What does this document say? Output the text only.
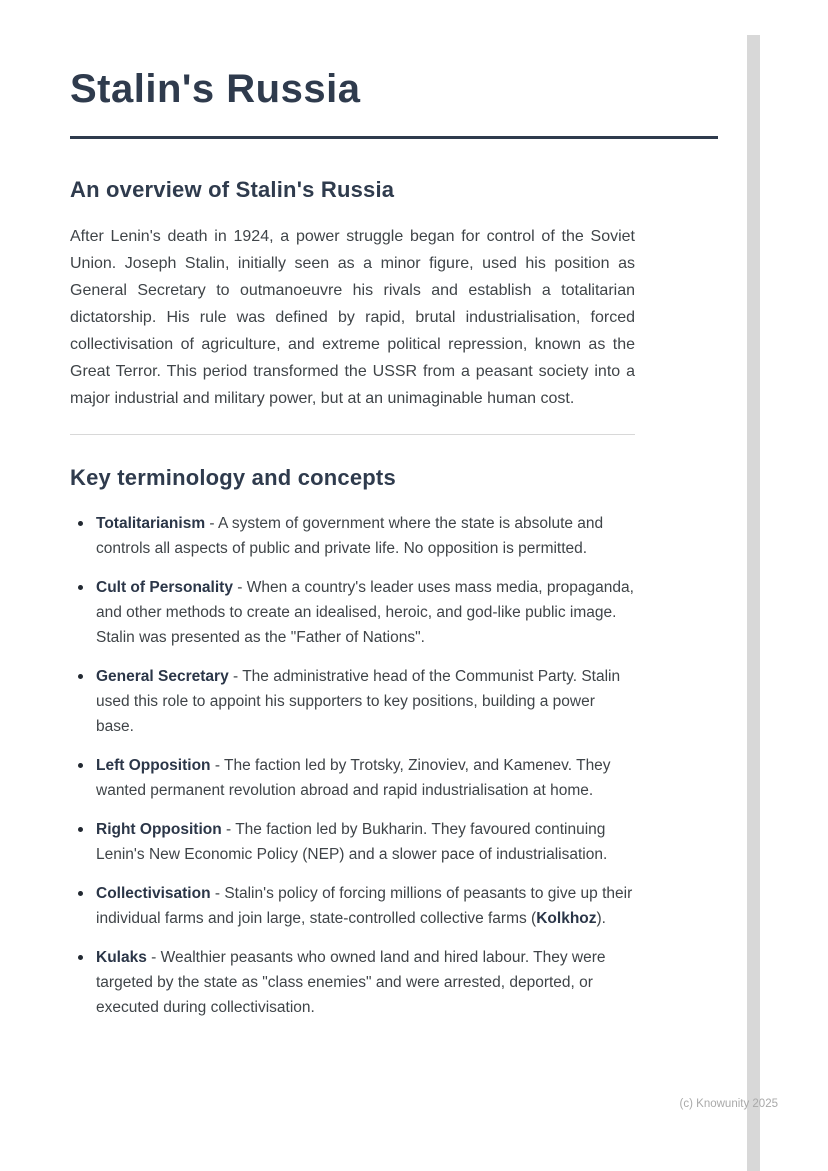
Stalin's Russia
An overview of Stalin's Russia

After Lenin's death in 1924, a power struggle began for control of the Soviet Union. Joseph Stalin, initially seen as a minor figure, used his position as General Secretary to outmanoeuvre his rivals and establish a totalitarian dictatorship. His rule was defined by rapid, brutal industrialisation, forced collectivisation of agriculture, and extreme political repression, known as the Great Terror. This period transformed the USSR from a peasant society into a major industrial and military power, but at an unimaginable human cost.

Key terminology and concepts
Totalitarianism - A system of government where the state is absolute and controls all aspects of public and private life. No opposition is permitted.
Cult of Personality - When a country's leader uses mass media, propaganda, and other methods to create an idealised, heroic, and god-like public image. Stalin was presented as the "Father of Nations".
General Secretary - The administrative head of the Communist Party. Stalin used this role to appoint his supporters to key positions, building a power base.
Left Opposition - The faction led by Trotsky, Zinoviev, and Kamenev. They wanted permanent revolution abroad and rapid industrialisation at home.
Right Opposition - The faction led by Bukharin. They favoured continuing Lenin's New Economic Policy (NEP) and a slower pace of industrialisation.
Collectivisation - Stalin's policy of forcing millions of peasants to give up their individual farms and join large, state-controlled collective farms (Kolkhoz).
Kulaks - Wealthier peasants who owned land and hired labour. They were targeted by the state as "class enemies" and were arrested, deported, or executed during collectivisation.
(c) Knowunity 2025
